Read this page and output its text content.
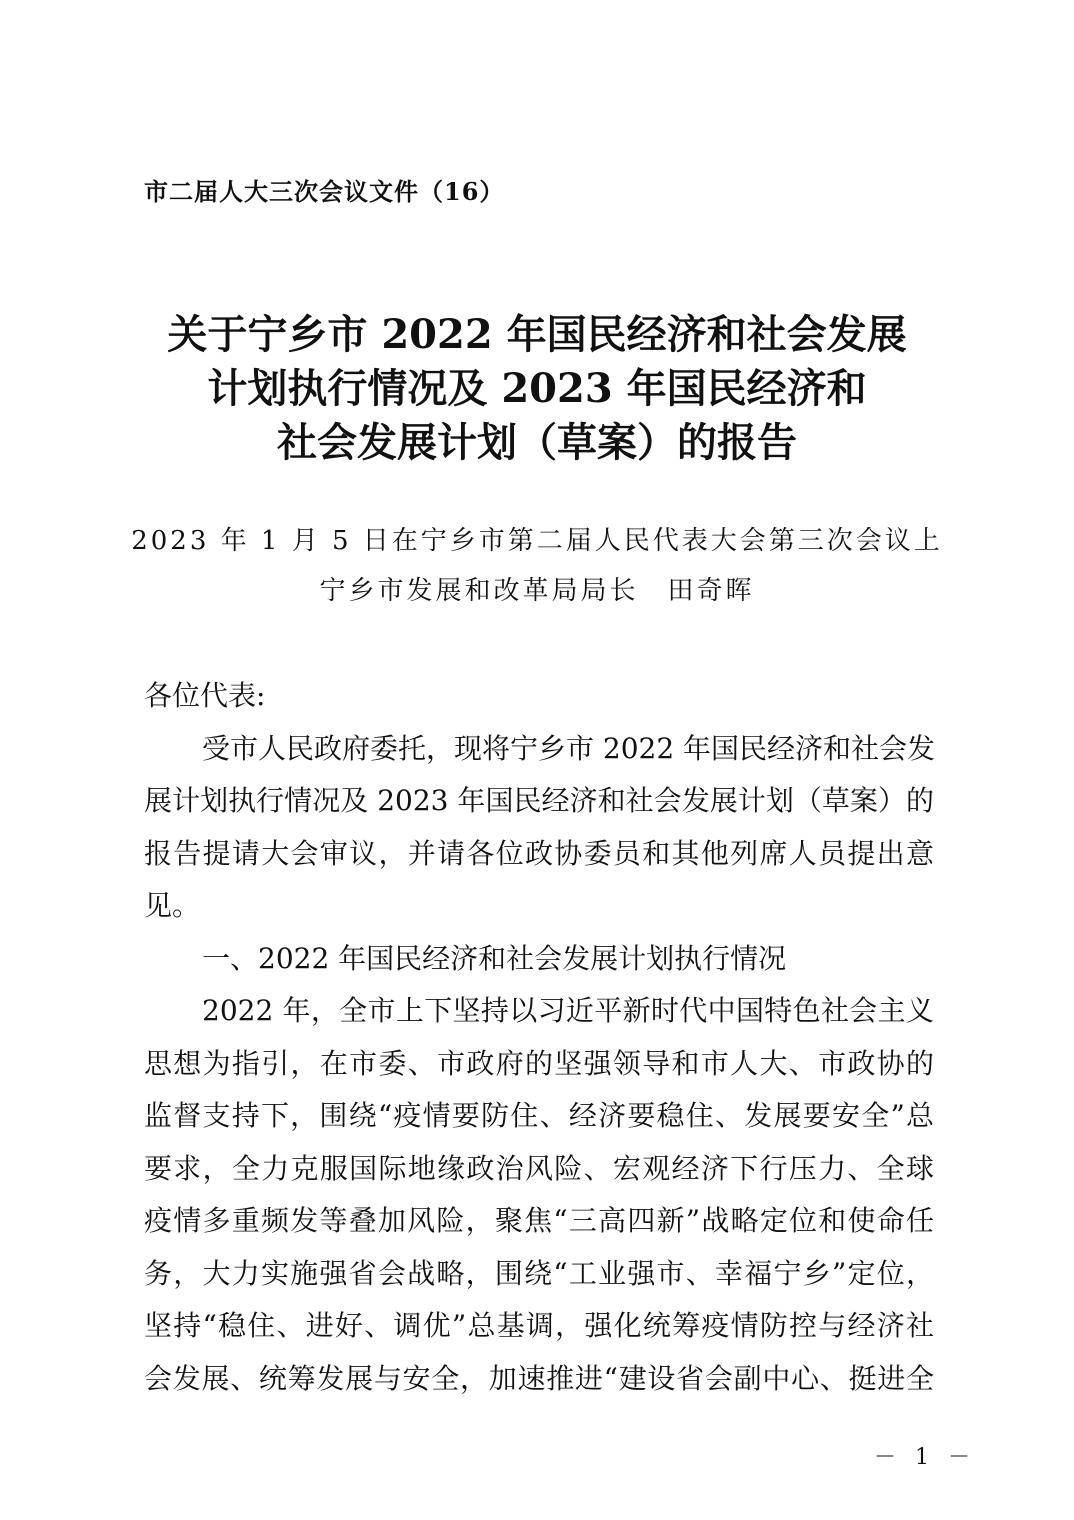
市二届人大三次会议文件（16）
关于宁乡市 2022 年国民经济和社会发展
计划执行情况及 2023 年国民经济和
社会发展计划（草案）的报告
2023 年 1 月 5 日在宁乡市第二届人民代表大会第三次会议上
宁乡市发展和改革局局长　田奇晖
各位代表:
受市人民政府委托，现将宁乡市 2022 年国民经济和社会发
展计划执行情况及 2023 年国民经济和社会发展计划（草案）的
报告提请大会审议，并请各位政协委员和其他列席人员提出意
见。
一、2022 年国民经济和社会发展计划执行情况
2022 年，全市上下坚持以习近平新时代中国特色社会主义
思想为指引，在市委、市政府的坚强领导和市人大、市政协的
监督支持下，围绕“疫情要防住、经济要稳住、发展要安全”总
要求，全力克服国际地缘政治风险、宏观经济下行压力、全球
疫情多重频发等叠加风险，聚焦“三高四新”战略定位和使命任
务，大力实施强省会战略，围绕“工业强市、幸福宁乡”定位，
坚持“稳住、进好、调优”总基调，强化统筹疫情防控与经济社
会发展、统筹发展与安全，加速推进“建设省会副中心、挺进全
－ 1 －
